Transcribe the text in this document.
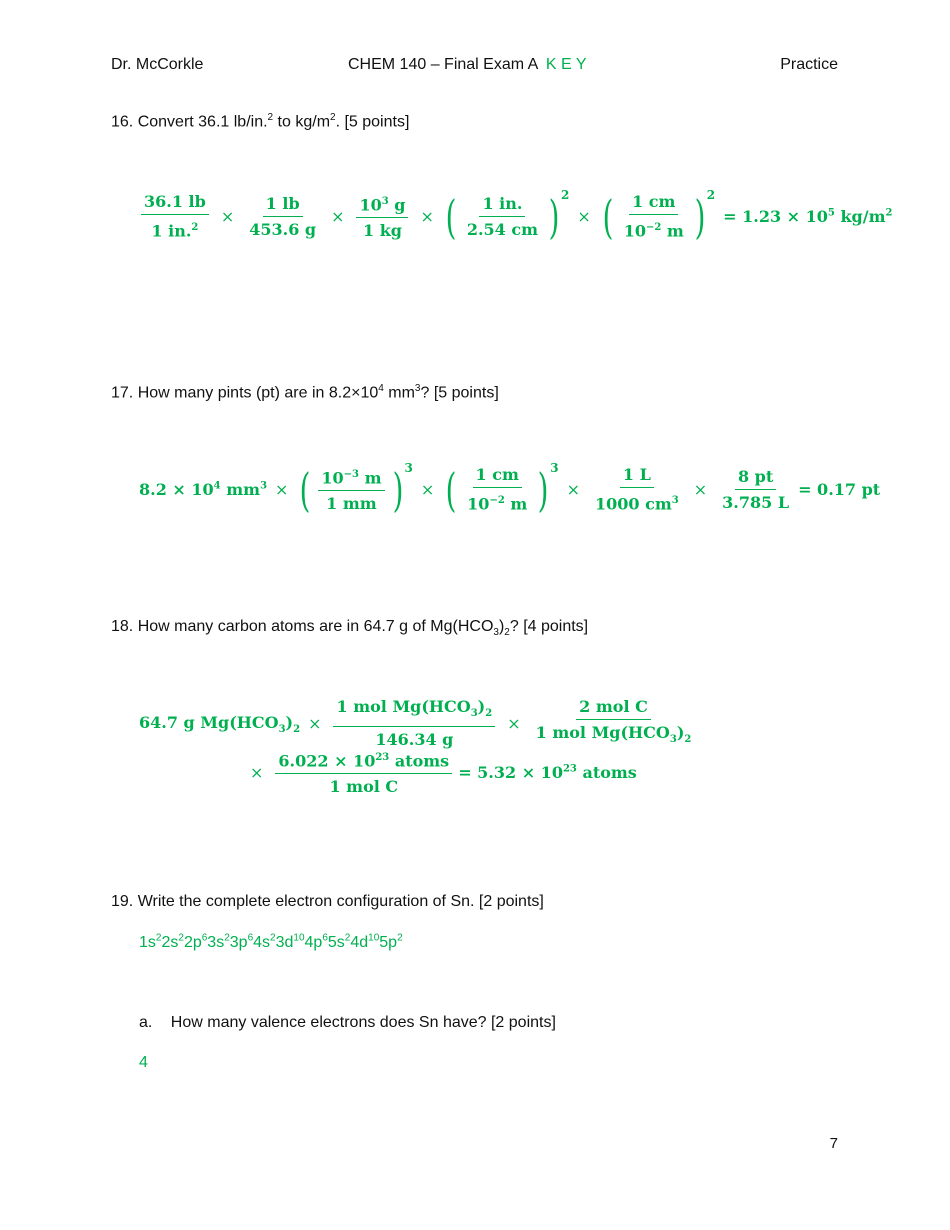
Dr. McCorkle	CHEM 140 – Final Exam A K E Y	Practice
16. Convert 36.1 lb/in.$^2$ to $kg/m^2$. [5 points]
$\frac{36.1 lb}{1 in.^2} \times \frac{1 lb}{453.6 g} \times \frac{10^3 g}{1 kg}$ × ( $\frac{1 in.}{2.54 cm}$ ) 2
× ( $\frac{1 cm}{10^{-2} m}$ ) 2
= $1.23 \times 10^5$ $kg/m^2$
17. How many pints (pt) are in $8.2\times 10^4$ $mm^3$? [5 points]
$8.2 \times 10^4$ $mm^3$ × ( $\frac{10^{-3} m}{1 mm}$ ) 3
× ( $\frac{1 cm}{10^{-2} m}$ ) 3
× $\frac{1 L}{1000 cm^3} \times \frac{8 pt}{3.785 L} = 0.17$ pt
18. How many carbon atoms are in 64.7 g of $Mg(HCO_3)_2$? [4 points]
64.7 g $Mg(HCO_3)_2 \times \frac{1 mol Mg(HCO_3)_2}{146.34 g} \times \frac{\text{2 mol C}}{1 mol Mg(HCO_3)_2}$
× $\frac{6.022 \times 10^{23} atoms}{\text{1 mol C}} = 5.32 \times 10^{23}$ atoms
19. Write the complete electron configuration of Sn. [2 points]
$1s^22s^22p^63s^23p^64s^23d^{10}4p^65s^24d^{10}5p^2$
a. How many valence electrons does Sn have? [2 points]
4
7
